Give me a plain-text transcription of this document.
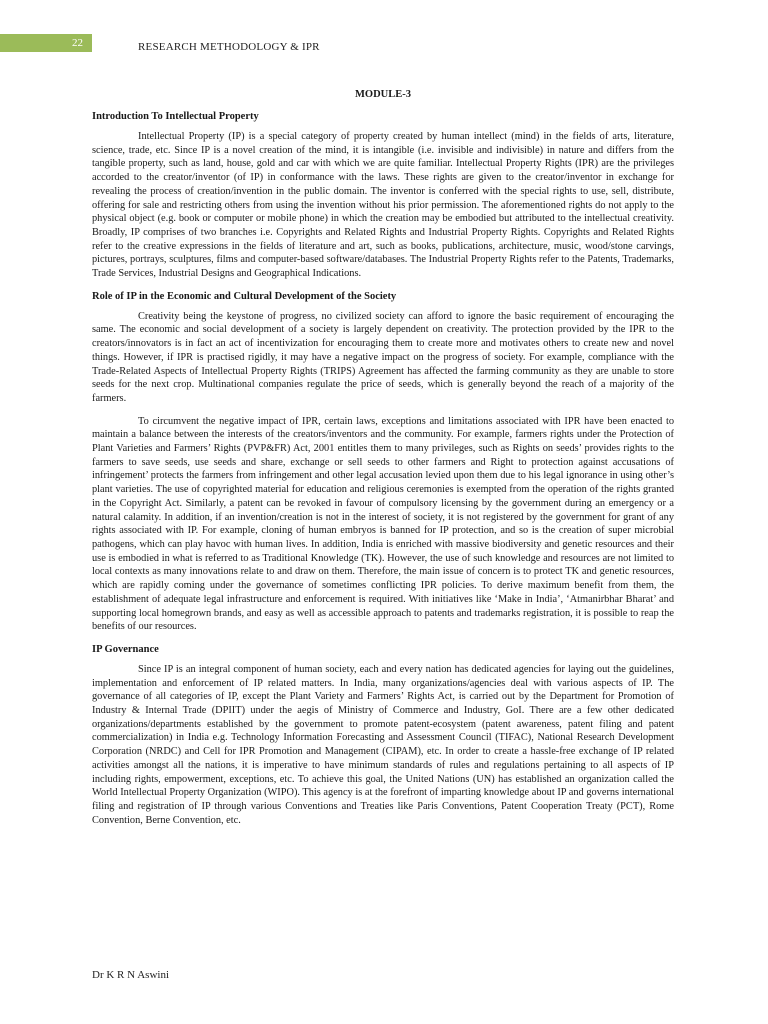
22	RESEARCH METHODOLOGY & IPR
MODULE-3
Introduction To Intellectual Property

Intellectual Property (IP) is a special category of property created by human intellect (mind) in the fields of arts, literature, science, trade, etc. Since IP is a novel creation of the mind, it is intangible (i.e. invisible and indivisible) in nature and differs from the tangible property, such as land, house, gold and car with which we are quite familiar. Intellectual Property Rights (IPR) are the privileges accorded to the creator/inventor (of IP) in conformance with the laws. These rights are given to the creator/inventor in exchange for revealing the process of creation/invention in the public domain. The inventor is conferred with the special rights to use, sell, distribute, offering for sale and restricting others from using the invention without his prior permission. The aforementioned rights do not apply to the physical object (e.g. book or computer or mobile phone) in which the creation may be embodied but attributed to the intellectual creativity. Broadly, IP comprises of two branches i.e. Copyrights and Related Rights and Industrial Property Rights. Copyrights and Related Rights refer to the creative expressions in the fields of literature and art, such as books, publications, architecture, music, wood/stone carvings, pictures, portrays, sculptures, films and computer-based software/databases. The Industrial Property Rights refer to the Patents, Trademarks, Trade Services, Industrial Designs and Geographical Indications.

Role of IP in the Economic and Cultural Development of the Society

Creativity being the keystone of progress, no civilized society can afford to ignore the basic requirement of encouraging the same. The economic and social development of a society is largely dependent on creativity. The protection provided by the IPR to the creators/innovators is in fact an act of incentivization for encouraging them to create more and motivates others to create new and novel things. However, if IPR is practised rigidly, it may have a negative impact on the progress of society. For example, compliance with the Trade-Related Aspects of Intellectual Property Rights (TRIPS) Agreement has affected the farming community as they are unable to store seeds for the next crop. Multinational companies regulate the price of seeds, which is generally beyond the reach of a majority of the farmers.

To circumvent the negative impact of IPR, certain laws, exceptions and limitations associated with IPR have been enacted to maintain a balance between the interests of the creators/inventors and the community. For example, farmers rights under the Protection of Plant Varieties and Farmers’ Rights (PVP&FR) Act, 2001 entitles them to many privileges, such as Rights on seeds’ provides rights to the farmers to save seeds, use seeds and share, exchange or sell seeds to other farmers and Right to protection against accusations of infringement’ protects the farmers from infringement and other legal accusation levied upon them due to his legal ignorance in using other’s plant varieties. The use of copyrighted material for education and religious ceremonies is exempted from the operation of the rights granted in the Copyright Act. Similarly, a patent can be revoked in favour of compulsory licensing by the government during an emergency or a natural calamity. In addition, if an invention/creation is not in the interest of society, it is not registered by the government for grant of any rights associated with IP. For example, cloning of human embryos is banned for IP protection, and so is the creation of super microbial pathogens, which can play havoc with human lives. In addition, India is enriched with massive biodiversity and genetic resources and their use is embodied in what is referred to as Traditional Knowledge (TK). However, the use of such knowledge and resources are not limited to local contexts as many innovations relate to and draw on them. Therefore, the main issue of concern is to protect TK and genetic resources, which are rapidly coming under the governance of sometimes conflicting IPR policies. To derive maximum benefit from them, the establishment of adequate legal infrastructure and enforcement is required. With initiatives like ‘Make in India’, ‘Atmanirbhar Bharat’ and supporting local homegrown brands, and easy as well as accessible approach to patents and trademarks registration, it is possible to reap the benefits of our resources.

IP Governance

Since IP is an integral component of human society, each and every nation has dedicated agencies for laying out the guidelines, implementation and enforcement of IP related matters. In India, many organizations/agencies deal with various aspects of IP. The governance of all categories of IP, except the Plant Variety and Farmers’ Rights Act, is carried out by the Department for Promotion of Industry & Internal Trade (DPIIT) under the aegis of Ministry of Commerce and Industry, GoI. There are a few other dedicated organizations/departments established by the government to promote patent-ecosystem (patent awareness, patent filing and patent commercialization) in India e.g. Technology Information Forecasting and Assessment Council (TIFAC), National Research Development Corporation (NRDC) and Cell for IPR Promotion and Management (CIPAM), etc. In order to create a hassle-free exchange of IP related activities amongst all the nations, it is imperative to have minimum standards of rules and regulations pertaining to all aspects of IP including rights, empowerment, exceptions, etc. To achieve this goal, the United Nations (UN) has established an organization called the World Intellectual Property Organization (WIPO). This agency is at the forefront of imparting knowledge about IP and governs international filing and registration of IP through various Conventions and Treaties like Paris Conventions, Patent Cooperation Treaty (PCT), Rome Convention, Berne Convention, etc.

Dr K R N Aswini
